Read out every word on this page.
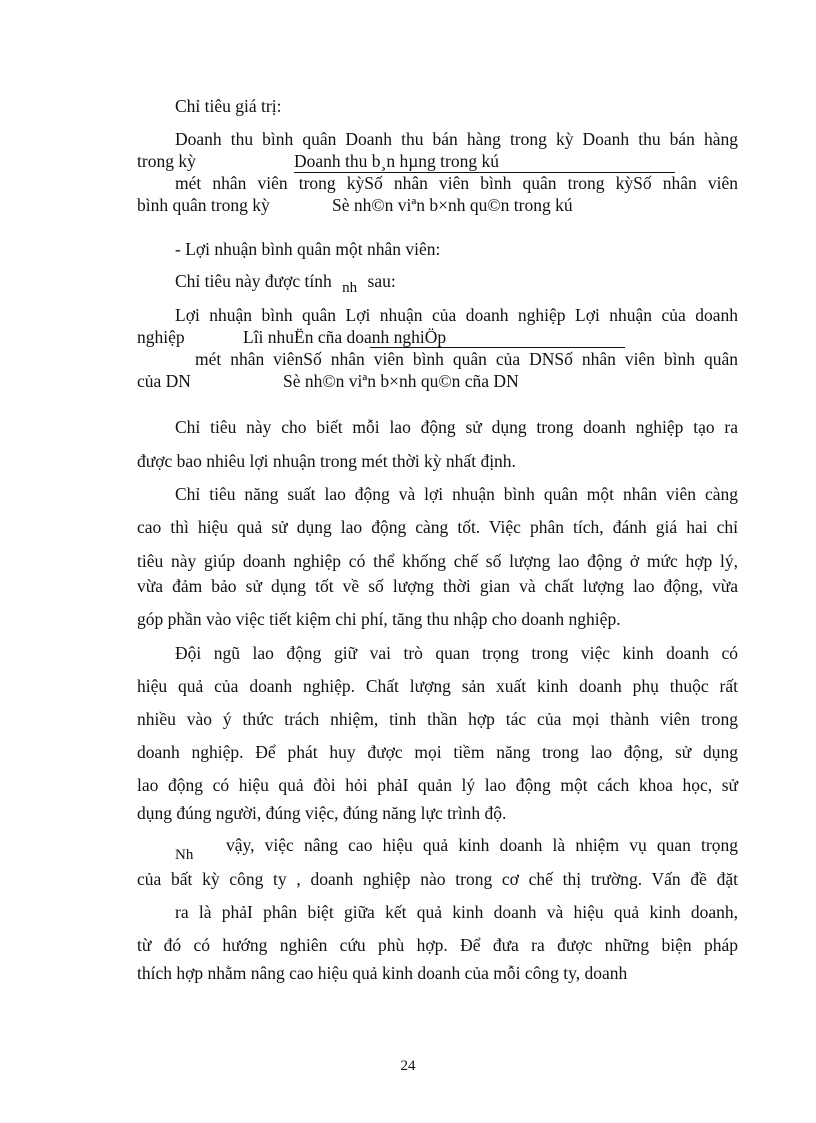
Chỉ tiêu giá trị:
Doanh thu bình quân Doanh thu bán hàng trong kỳ Doanh thu bán hàng
trong kỳ	Doanh thu b¸n hµng trong kú
mét nhân viên trong kỳSố nhân viên bình quân trong kỳSố nhân viên
bình quân trong kỳ	Sè nh©n viªn b×nh qu©n trong kú
- Lợi nhuận bình quân một nhân viên:
Chỉ tiêu này được tính nh sau:
Lợi nhuận bình quân Lợi nhuận của doanh nghiệp Lợi nhuận của doanh
nghiệp	Lîi nhuËn cña doanh nghiÖp
mét nhân viênSố nhân viên bình quân của DNSố nhân viên bình quân
của DN	Sè nh©n viªn b×nh qu©n cña DN
Chỉ tiêu này cho biết mỗi lao động sử dụng trong doanh nghiệp tạo ra
được bao nhiêu lợi nhuận trong mét thời kỳ nhất định.
Chỉ tiêu năng suất lao động và lợi nhuận bình quân một nhân viên càng
cao thì hiệu quả sử dụng lao động càng tốt. Việc phân tích, đánh giá hai chỉ
tiêu này giúp doanh nghiệp có thể khống chế số lượng lao động ở mức hợp lý,
vừa đảm bảo sử dụng tốt về số lượng thời gian và chất lượng lao động, vừa
góp phần vào việc tiết kiệm chi phí, tăng thu nhập cho doanh nghiệp.
Đội ngũ lao động giữ vai trò quan trọng trong việc kinh doanh có
hiệu quả của doanh nghiệp. Chất lượng sản xuất kinh doanh phụ thuộc rất
nhiều vào ý thức trách nhiệm, tinh thần hợp tác của mọi thành viên trong
doanh nghiệp. Để phát huy được mọi tiềm năng trong lao động, sử dụng
lao động có hiệu quả đòi hỏi phảI quản lý lao động một cách khoa học, sử
dụng đúng người, đúng việc, đúng năng lực trình độ.
Nh vậy, việc nâng cao hiệu quả kinh doanh là nhiệm vụ quan trọng
của bất kỳ công ty , doanh nghiệp nào trong cơ chế thị trường. Vấn đề đặt
ra là phảI phân biệt giữa kết quả kinh doanh và hiệu quả kinh doanh,
từ đó có hướng nghiên cứu phù hợp. Để đưa ra được những biện pháp
thích hợp nhằm nâng cao hiệu quả kinh doanh của mỗi công ty, doanh
24
